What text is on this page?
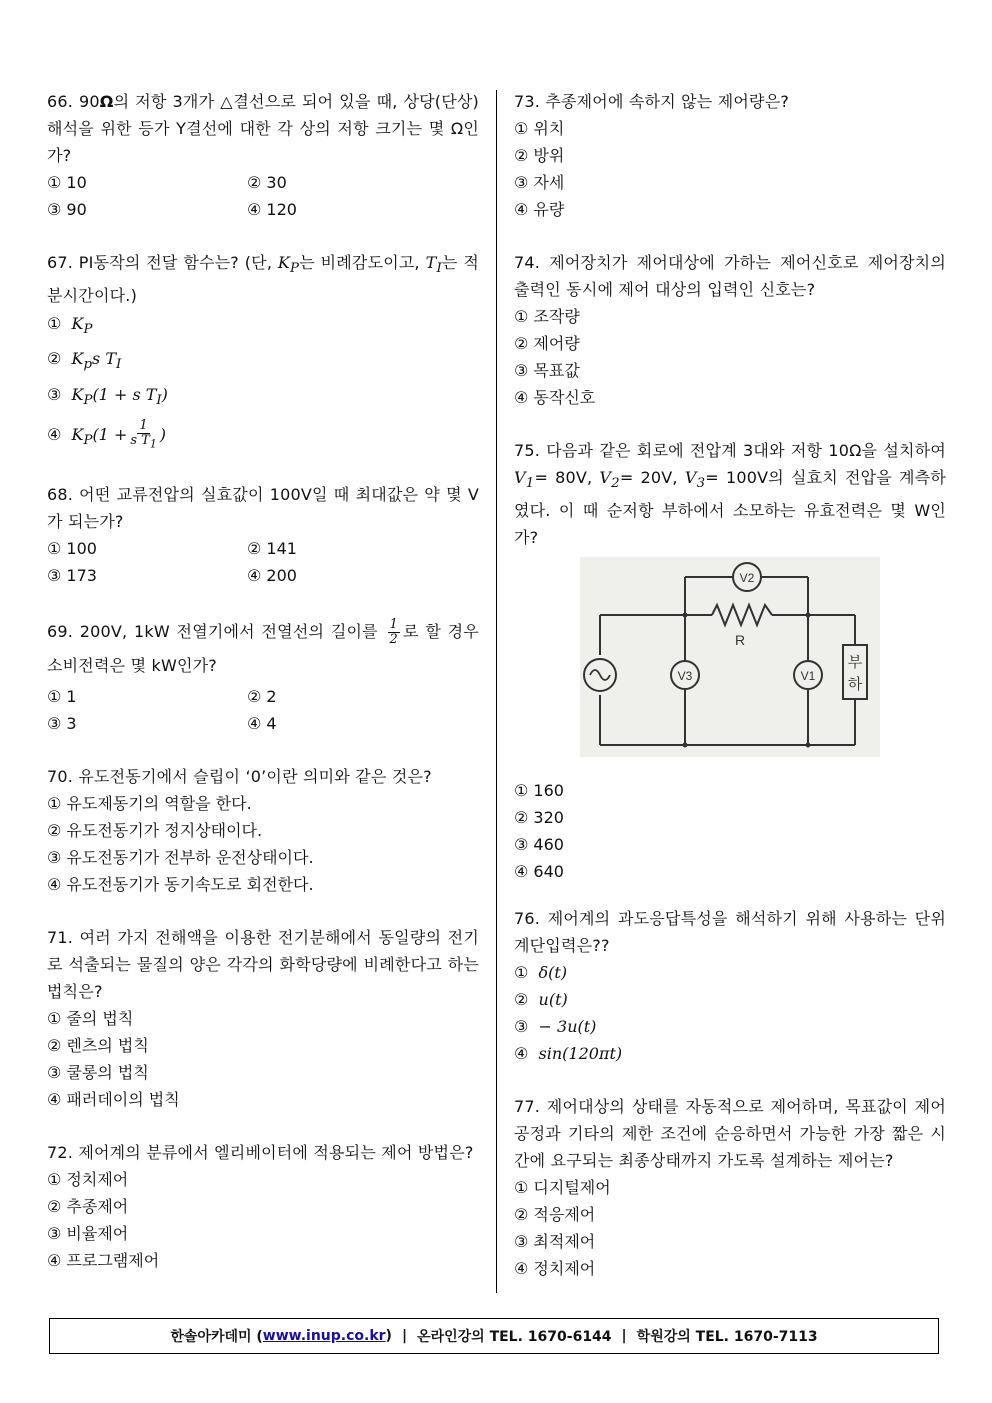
66. 90Ω의 저항 3개가 △결선으로 되어 있을 때, 상당(단상) 해석을 위한 등가 Y결선에 대한 각 상의 저항 크기는 몇 Ω인가?
① 10	② 30
③ 90	④ 120
67. PI동작의 전달 함수는? (단, $K_P$는 비례감도이고, $T_I$는 적분시간이다.)
① $K_P$
② $K_ps$ $T_I$
③ $K_P(1 + s$ $T_I$)
④ $K_P(1 + \frac{1}{s T_1}$ )
68. 어떤 교류전압의 실효값이 100V일 때 최대값은 약 몇 V가 되는가?
① 100	② 141
③ 173	④ 200
69. 200V, 1kW 전열기에서 전열선의 길이를 $\frac{1}{2}$ 로 할 경우 소비전력은 몇 kW인가?
① 1	② 2
③ 3	④ 4
70. 유도전동기에서 슬립이 ‘0’이란 의미와 같은 것은?
① 유도제동기의 역할을 한다.
② 유도전동기가 정지상태이다.
③ 유도전동기가 전부하 운전상태이다.
④ 유도전동기가 동기속도로 회전한다.
71. 여러 가지 전해액을 이용한 전기분해에서 동일량의 전기로 석출되는 물질의 양은 각각의 화학당량에 비례한다고 하는 법칙은?
① 줄의 법칙
② 렌츠의 법칙
③ 쿨롱의 법칙
④ 패러데이의 법칙
72. 제어계의 분류에서 엘리베이터에 적용되는 제어 방법은?
① 정치제어
② 추종제어
③ 비율제어
④ 프로그램제어
73. 추종제어에 속하지 않는 제어량은?
① 위치
② 방위
③ 자세
④ 유량
74. 제어장치가 제어대상에 가하는 제어신호로 제어장치의 출력인 동시에 제어 대상의 입력인 신호는?
① 조작량
② 제어량
③ 목표값
④ 동작신호
75. 다음과 같은 회로에 전압계 3대와 저항 10Ω을 설치하여 $V_1= 80V$, $V_2= 20V$, $V_3= 100V$의 실효치 전압을 계측하였다. 이 때 순저항 부하에서 소모하는 유효전력은 몇 W인가?
R
V2
V3	V1
부
하
① 160
② 320
③ 460
④ 640
76. 제어계의 과도응답특성을 해석하기 위해 사용하는 단위계단입력은??
① δ(t)
② u(t)
③ − 3u(t)
④ sin(120πt)
77. 제어대상의 상태를 자동적으로 제어하며, 목표값이 제어 공정과 기타의 제한 조건에 순응하면서 가능한 가장 짧은 시간에 요구되는 최종상태까지 가도록 설계하는 제어는?
① 디지털제어
② 적응제어
③ 최적제어
④ 정치제어
한솔아카데미 ( www.inup.co.kr ) | 온라인강의 TEL. 1670-6144 | 학원강의 TEL. 1670-7113
